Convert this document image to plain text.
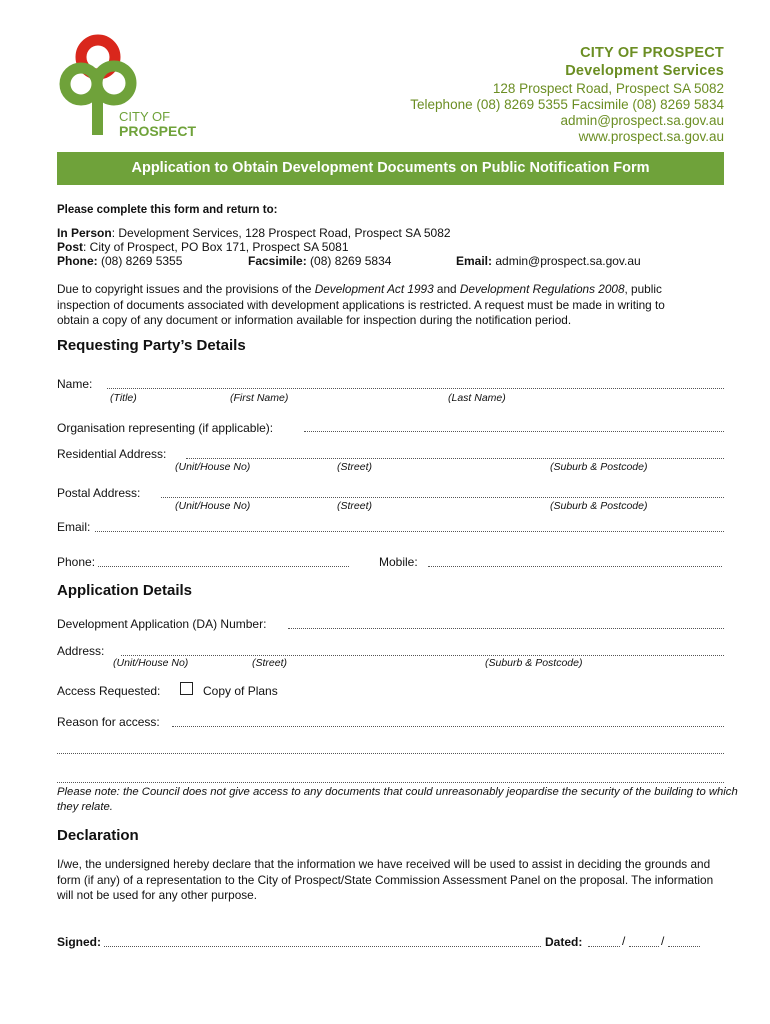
CITY OF
PROSPECT
CITY OF PROSPECT
Development Services
128 Prospect Road, Prospect SA 5082
Telephone (08) 8269 5355 Facsimile (08) 8269 5834
admin@prospect.sa.gov.au
www.prospect.sa.gov.au
Application to Obtain Development Documents on Public Notification Form
Please complete this form and return to:
In Person: Development Services, 128 Prospect Road, Prospect SA 5082
Post: City of Prospect, PO Box 171, Prospect SA 5081
Phone: (08) 8269 5355	Facsimile: (08) 8269 5834	Email: admin@prospect.sa.gov.au
Due to copyright issues and the provisions of the Development Act 1993 and Development Regulations 2008, public
inspection of documents associated with development applications is restricted. A request must be made in writing to
obtain a copy of any document or information available for inspection during the notification period.
Requesting Party’s Details
Name:
(Title)	(First Name)	(Last Name)
Organisation representing (if applicable):
Residential Address:
(Unit/House No)	(Street)	(Suburb & Postcode)
Postal Address:
(Unit/House No)	(Street)	(Suburb & Postcode)
Email:
Phone:	Mobile:
Application Details
Development Application (DA) Number:
Address:
(Unit/House No)	(Street)	(Suburb & Postcode)
Access Requested:	Copy of Plans
Reason for access:
Please note: the Council does not give access to any documents that could unreasonably jeopardise the security of the building to which they relate.
Declaration
I/we, the undersigned hereby declare that the information we have received will be used to assist in deciding the grounds and form (if any) of a representation to the City of Prospect/State Commission Assessment Panel on the proposal. The information will not be used for any other purpose.
Signed:	Dated:	/	/
